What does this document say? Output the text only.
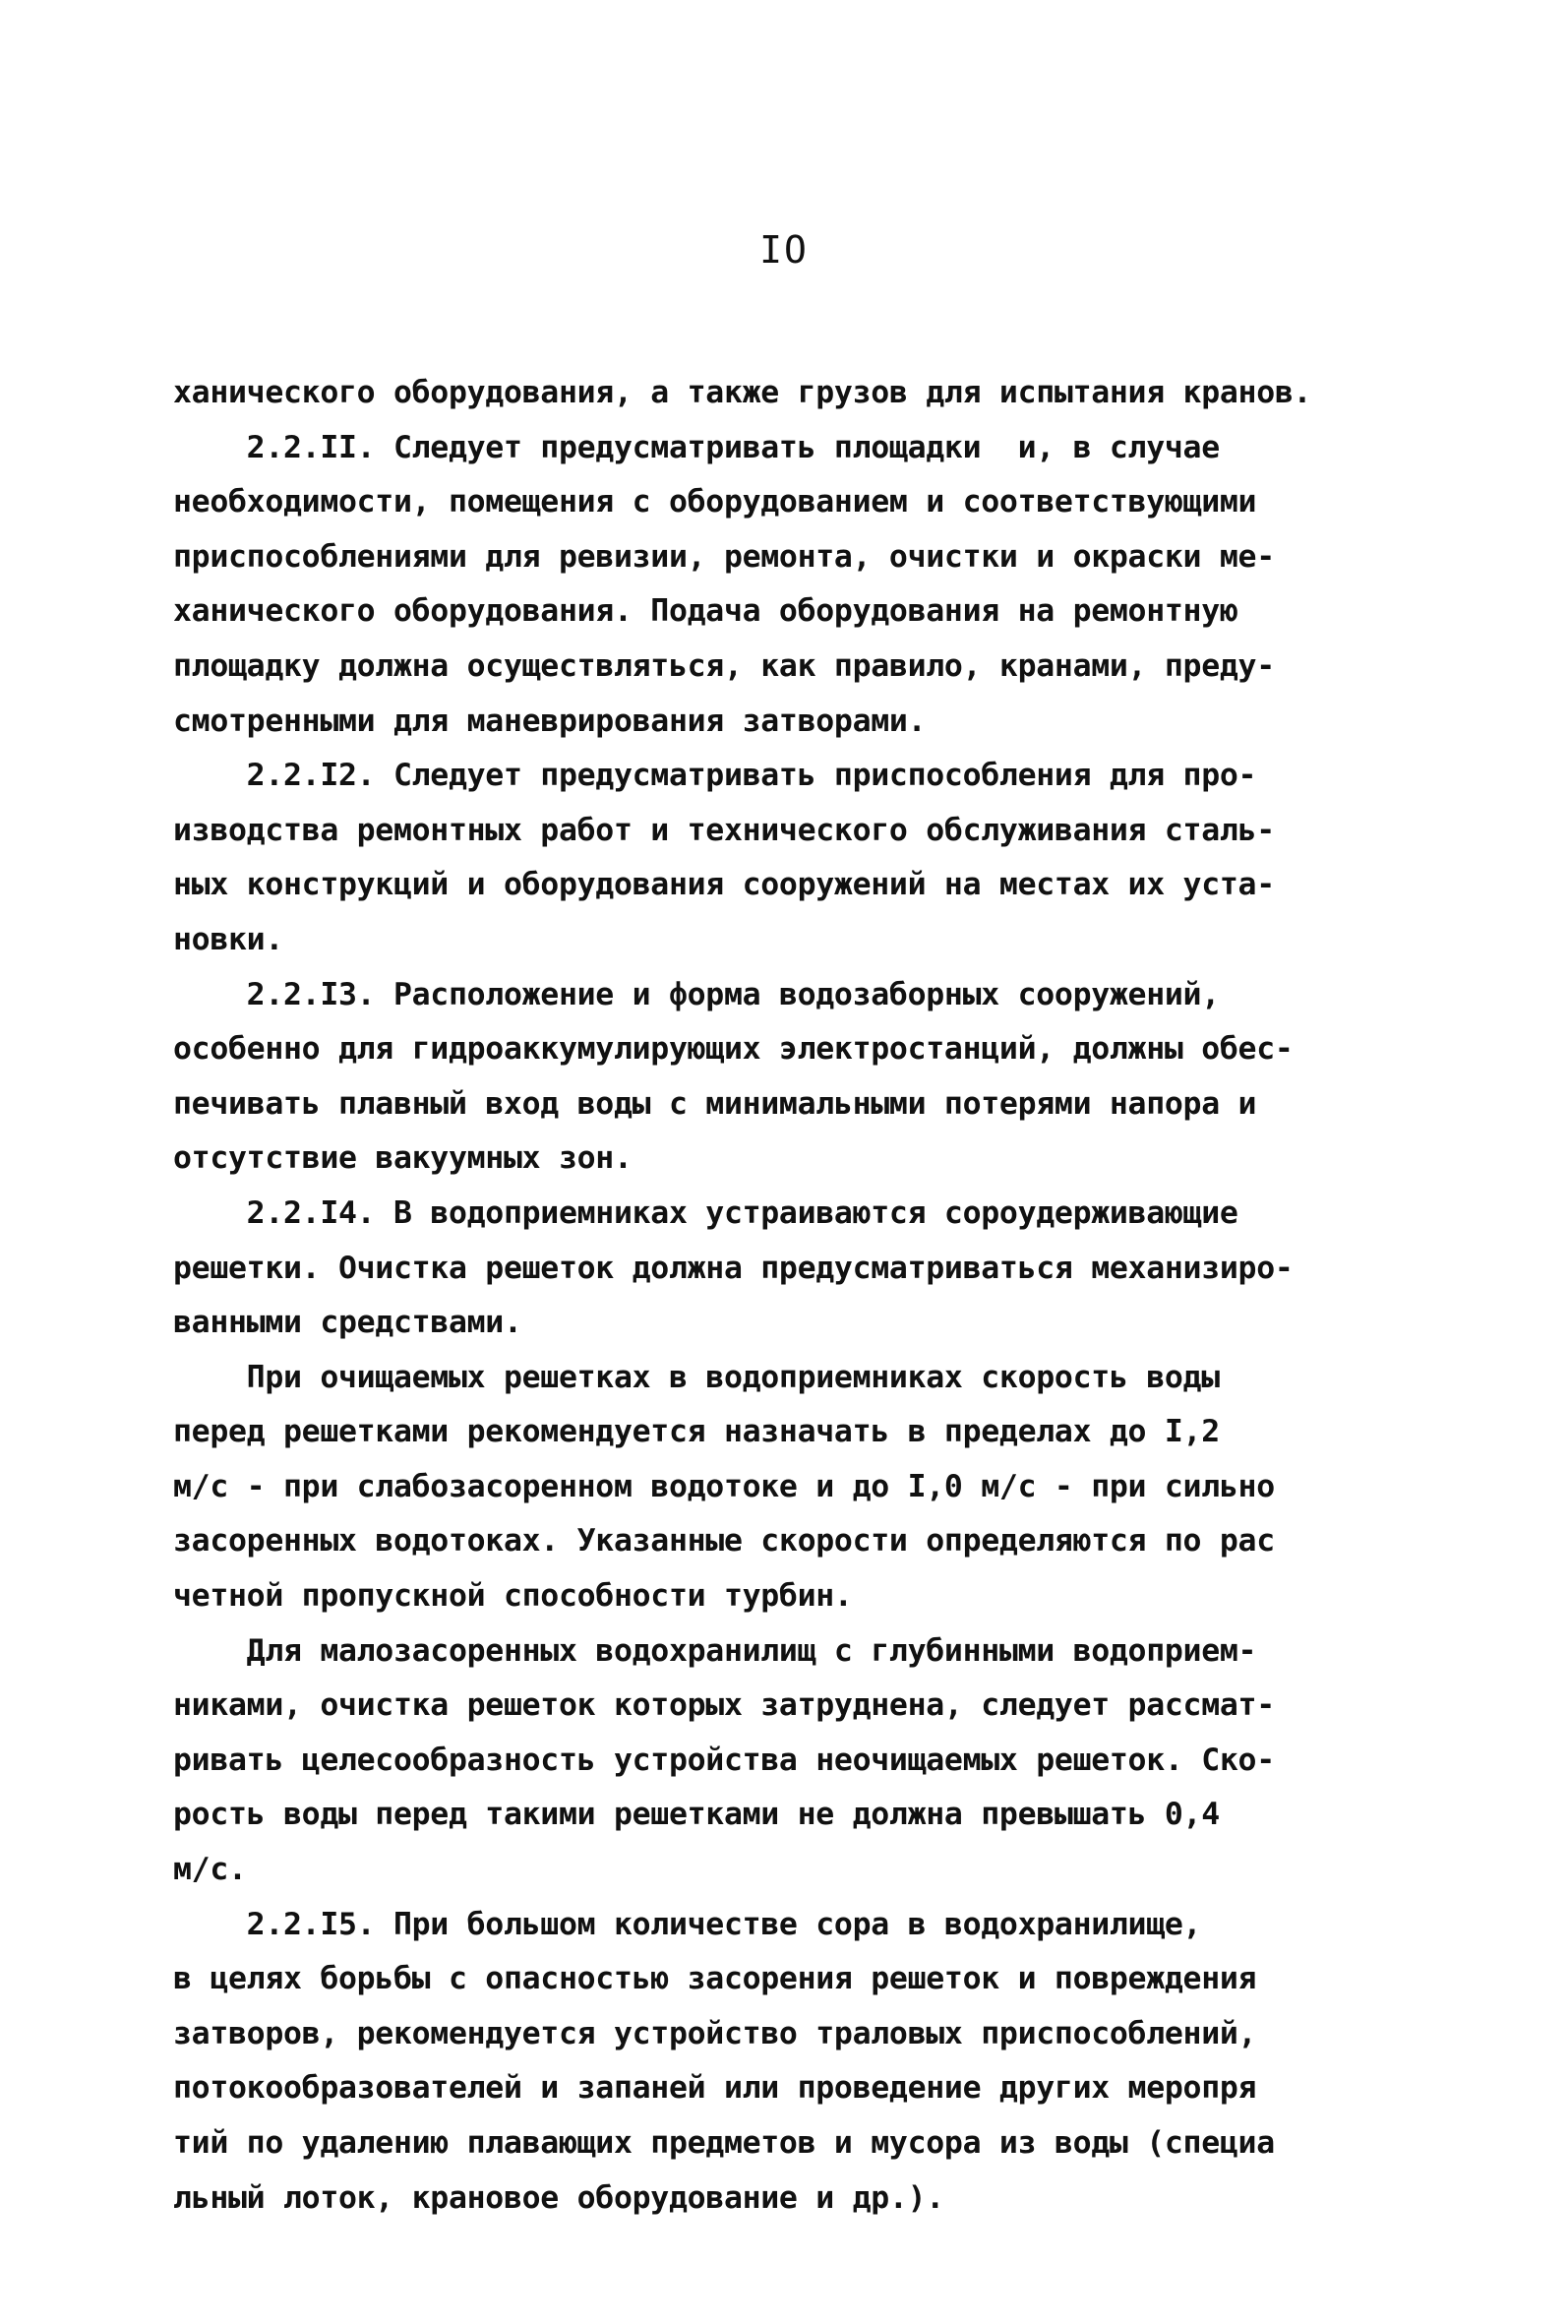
IO
ханического оборудования, а также грузов для испытания кранов.
2.2.II. Следует предусматривать площадки  и, в случае
необходимости, помещения с оборудованием и соответствующими
приспособлениями для ревизии, ремонта, очистки и окраски ме-
ханического оборудования. Подача оборудования на ремонтную
площадку должна осуществляться, как правило, кранами, преду-
смотренными для маневрирования затворами.
2.2.I2. Следует предусматривать приспособления для про-
изводства ремонтных работ и технического обслуживания сталь-
ных конструкций и оборудования сооружений на местах их уста-
новки.
2.2.I3. Расположение и форма водозаборных сооружений,
особенно для гидроаккумулирующих электростанций, должны обес-
печивать плавный вход воды с минимальными потерями напора и
отсутствие вакуумных зон.
2.2.I4. В водоприемниках устраиваются сороудерживающие
решетки. Очистка решеток должна предусматриваться механизиро-
ванными средствами.
При очищаемых решетках в водоприемниках скорость воды
перед решетками рекомендуется назначать в пределах до I,2
м/с - при слабозасоренном водотоке и до I,0 м/с - при сильно
засоренных водотоках. Указанные скорости определяются по рас
четной пропускной способности турбин.
Для малозасоренных водохранилищ с глубинными водоприем-
никами, очистка решеток которых затруднена, следует рассмат-
ривать целесообразность устройства неочищаемых решеток. Ско-
рость воды перед такими решетками не должна превышать 0,4
м/с.
2.2.I5. При большом количестве сора в водохранилище,
в целях борьбы с опасностью засорения решеток и повреждения
затворов, рекомендуется устройство траловых приспособлений,
потокообразователей и запаней или проведение других меропря
тий по удалению плавающих предметов и мусора из воды (специа
льный лоток, крановое оборудование и др.).
